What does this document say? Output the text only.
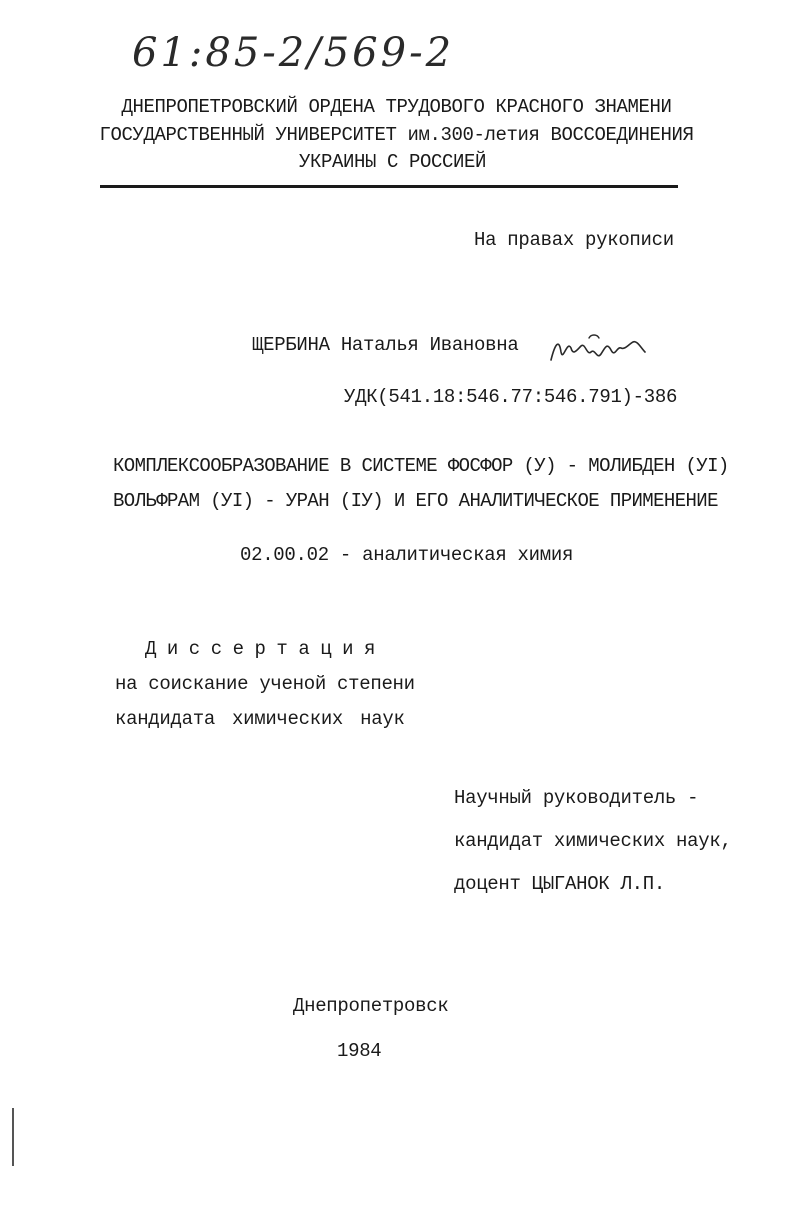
61:85-2/569-2
ДНЕПРОПЕТРОВСКИЙ ОРДЕНА ТРУДОВОГО КРАСНОГО ЗНАМЕНИ
ГОСУДАРСТВЕННЫЙ УНИВЕРСИТЕТ им.300-летия ВОССОЕДИНЕНИЯ
УКРАИНЫ С РОССИЕЙ
На правах рукописи
ЩЕРБИНА Наталья Ивановна
УДК(541.18:546.77:546.791)-386
КОМПЛЕКСООБРАЗОВАНИЕ В СИСТЕМЕ ФОСФОР (У) - МОЛИБДЕН (УI)
ВОЛЬФРАМ (УI) - УРАН (IУ) И ЕГО АНАЛИТИЧЕСКОЕ ПРИМЕНЕНИЕ
02.00.02 - аналитическая химия
Диссертация
на соискание ученой степени
кандидата химических наук
Научный руководитель -
кандидат химических наук,
доцент ЦЫГАНОК Л.П.
Днепропетровск
1984
